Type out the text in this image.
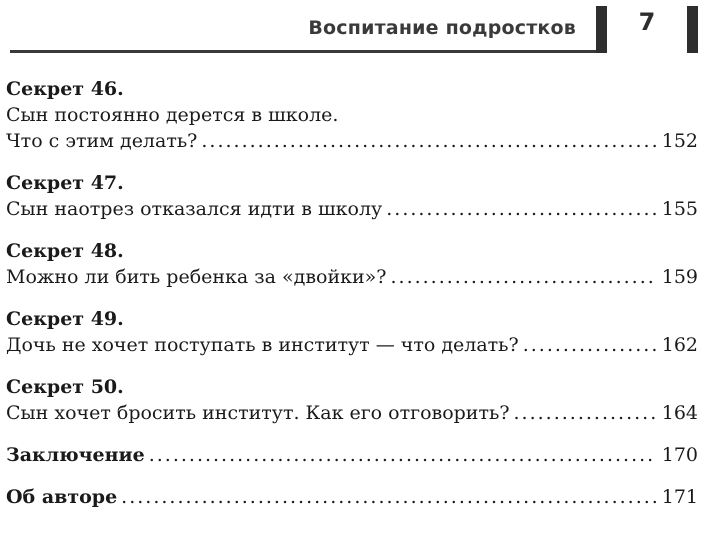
Воспитание подростков	7
Секрет 46.
Сын постоянно дерется в школе.
Что с этим делать? .....	152
Секрет 47.
Сын наотрез отказался идти в школу .....	155
Секрет 48.
Можно ли бить ребенка за «двойки»? .....	159
Секрет 49.
Дочь не хочет поступать в институт — что делать? .....	162
Секрет 50.
Сын хочет бросить институт. Как его отговорить? .....	164
Заключение .....	170
Об авторе .....	171
